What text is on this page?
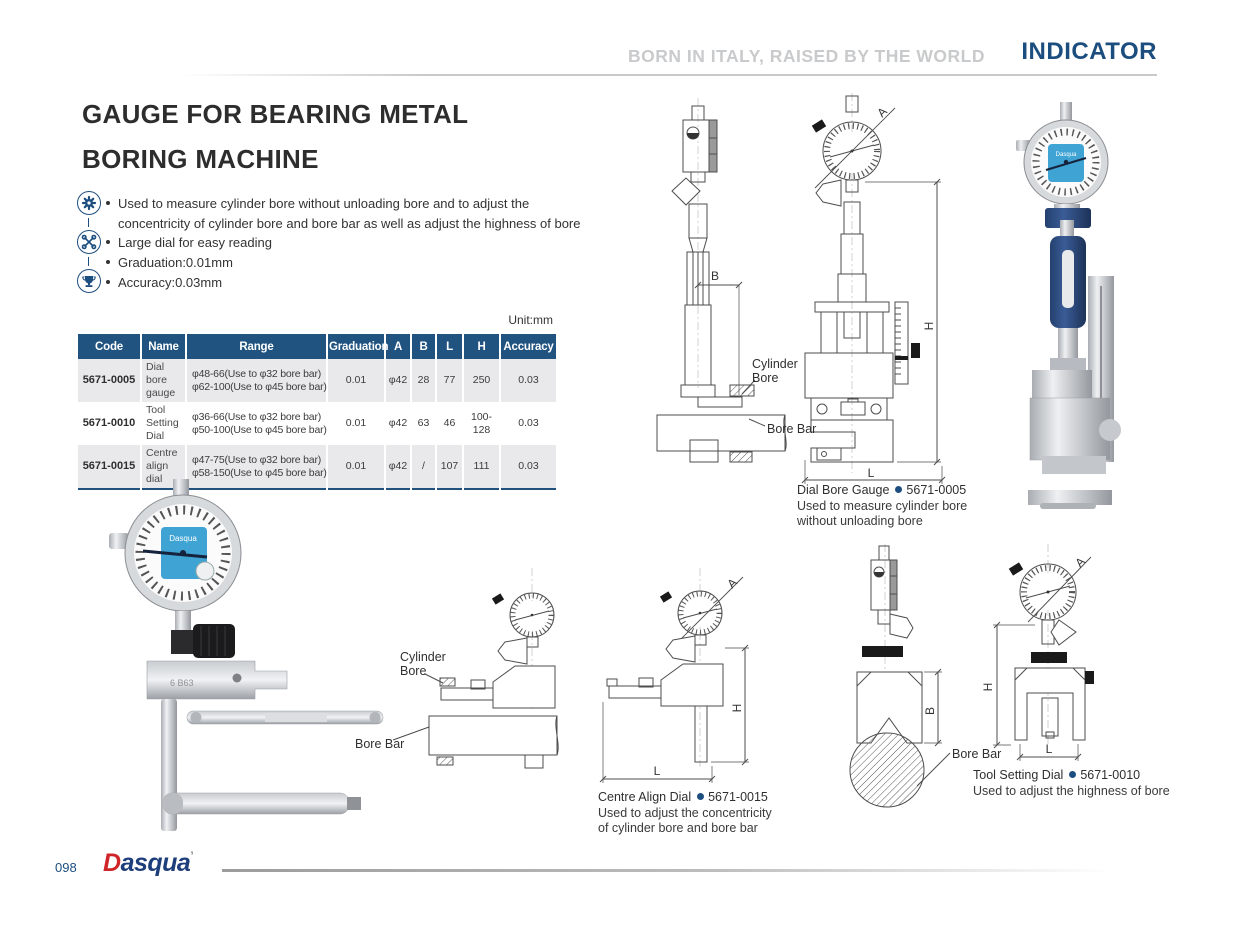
BORN IN ITALY, RAISED BY THE WORLD INDICATOR
GAUGE FOR BEARING METAL
BORING MACHINE
Used to measure cylinder bore without unloading bore and to adjust the concentricity of cylinder bore and bore bar as well as adjust the highness of bore
Large dial for easy reading
Graduation:0.01mm
Accuracy:0.03mm
Unit:mm
Code	Name	Range	Graduation	A	B	L	H	Accuracy
5671-0005	Dial bore gauge	φ48-66(Use to φ32 bore bar)
φ62-100(Use to φ45 bore bar)	0.01	φ42	28	77	250	0.03
5671-0010	Tool Setting Dial	φ36-66(Use to φ32 bore bar)
φ50-100(Use to φ45 bore bar)	0.01	φ42	63	46	100-128	0.03
5671-0015	Centre align dial	φ47-75(Use to φ32 bore bar)
φ58-150(Use to φ45 bore bar)	0.01	φ42	/	107	111	0.03
B
A
H
L
Cylinder Bore
Bore Bar
Dial Bore Gauge 5671-0005
Used to measure cylinder bore
without unloading bore
Dasqua
Dasqua
6 B63
Cylinder Bore
Bore Bar
A
H
L
Centre Align Dial 5671-0015
Used to adjust the concentricity
of cylinder bore and bore bar
B
A
H
L
Bore Bar
Tool Setting Dial 5671-0010
Used to adjust the highness of bore
098 Dasqua’
